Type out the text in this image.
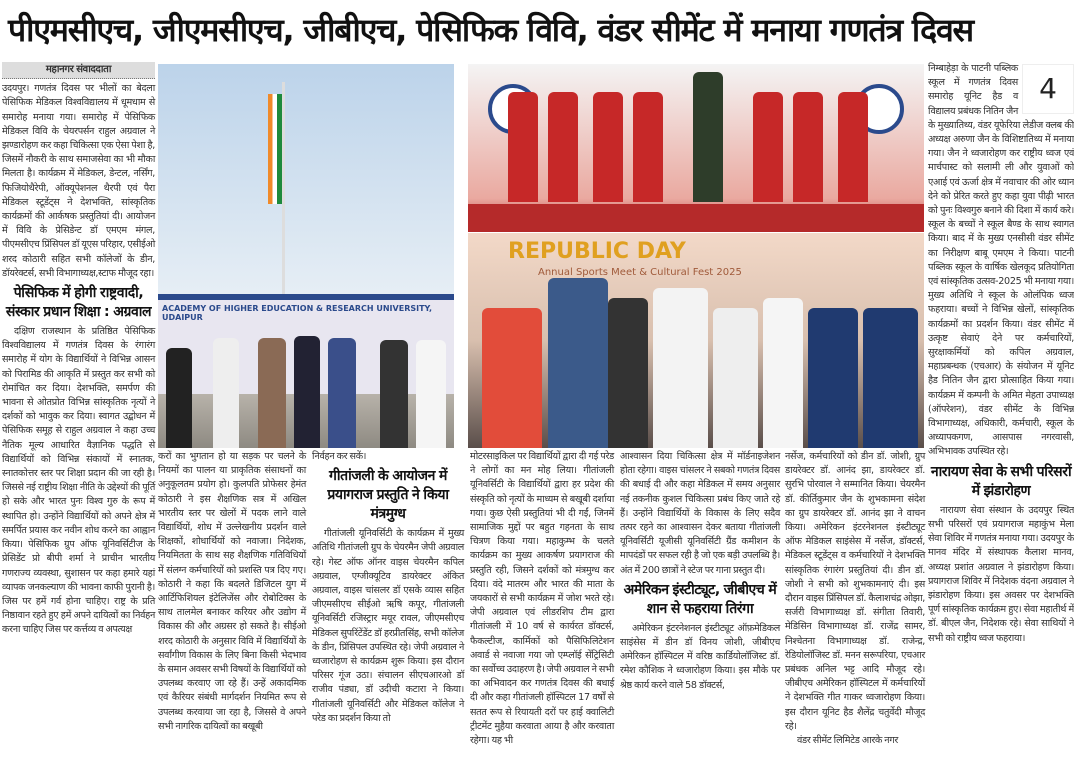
पीएमसीएच, जीएमसीएच, जीबीएच, पेसिफिक विवि, वंडर सीमेंट में मनाया गणतंत्र दिवस
महानगर संवाददाता

उदयपुर। गणतंत्र दिवस पर भीलों का बेदला पेसिफिक मेडिकल विश्वविद्यालय में धूमधाम से समारोह मनाया गया। समारोह में पेसिफिक मेडिकल विवि के चेयरपर्सन राहुल अग्रवाल ने झण्डारोहण कर कहा चिकित्सा एक ऐसा पेशा है, जिसमें नौकरी के साथ समाजसेवा का भी मौका मिलता है। कार्यक्रम में मेडिकल, डेन्टल, नर्सिंग, फिजियोथैरेपी, ऑक्यूपेशनल थैरपी एवं पैरा मेडिकल स्टूडेंट्स ने देशभक्ति, सांस्कृतिक कार्यक्रमों की आर्कषक प्रस्तुतियां दी। आयोजन में विवि के प्रेसिडेन्ट डॉ एमएम मंगल, पीएमसीएच प्रिंसिपल डॉ यूएस परिहार, एसीईओ शरद कोठारी सहित सभी कॉलेजों के डीन, डॉयरेक्टर्स, सभी विभागाध्यक्ष,स्टाफ मौजूद रहा।

पेसिफिक में होगी राष्ट्रवादी, संस्कार प्रधान शिक्षा : अग्रवाल

दक्षिण राजस्थान के प्रतिष्ठित पेसिफिक विश्वविद्यालय में गणतंत्र दिवस के रंगारंग समारोह में योग के विद्यार्थियों ने विभिन्न आसन को पिरामिड की आकृति में प्रस्तुत कर सभी को रोमांचित कर दिया। देशभक्ति, समर्पण की भावना से ओतप्रोत विभिन्न सांस्कृतिक नृत्यों ने दर्शकों को भावुक कर दिया। स्वागत उद्बोधन में पेसिफिक समूह से राहुल अग्रवाल ने कहा उच्च नैतिक मूल्य आधारित वैज्ञानिक पद्धति से विद्यार्थियों को विभिन्न संकायों में स्नातक, स्नातकोत्तर स्तर पर शिक्षा प्रदान की जा रही है। जिससे नई राष्ट्रीय शिक्षा नीति के उद्देश्यों की पूर्ति हो सके और भारत पुनः विश्व गुरु के रूप में स्थापित हो। उन्होंने विद्यार्थियों को अपने क्षेत्र में समर्पित प्रयास कर नवीन शोध करने का आह्वान किया। पेसिफिक ग्रुप ऑफ यूनिवर्सिटीज के प्रेसिडेंट प्रो बीपी शर्मा ने प्राचीन भारतीय गणराज्य व्यवस्था, सुशासन पर कहा हमारे यहां व्यापक जनकल्याण की भावना काफी पुरानी है। जिस पर हमें गर्व होना चाहिए। राष्ट्र के प्रति निष्ठावान रहते हुए हमें अपने दायित्वों का निर्वहन करना चाहिए जिस पर कर्त्तव्य व अपत्यक्ष

ACADEMY OF HIGHER EDUCATION & RESEARCH UNIVERSITY, UDAIPUR
REPUBLIC DAY
Annual Sports Meet & Cultural Fest 2025

करों का भुगतान हो या सड़क पर चलने के नियमों का पालन या प्राकृतिक संसाधनों का अनुकूलतम प्रयोग हो। कुलपति प्रोफेसर हेमंत कोठारी ने इस शैक्षणिक सत्र में अखिल भारतीय स्तर पर खेलों में पदक लाने वाले विद्यार्थियों, शोध में उल्लेखनीय प्रदर्शन वाले शिक्षकों, शोधार्थियों को नवाजा। निदेशक, नियमितता के साथ सह शैक्षणिक गतिविधियों में संलग्न कर्मचारियों को प्रशस्ति पत्र दिए गए। कोठारी ने कहा कि बदलते डिजिटल युग में आर्टिफिशियल इंटेलिजेंस और रोबोटिक्स के साथ तालमेल बनाकर करियर और उद्योग में विकास की और अग्रसर हो सकते है। सीईओ शरद कोठारी के अनुसार विवि में विद्यार्थियों के सर्वांगीण विकास के लिए बिना किसी भेदभाव के समान अवसर सभी विषयों के विद्यार्थियों को उपलब्ध करवाए जा रहे हैं। उन्हें अकादमिक एवं कैरियर संबंधी मार्गदर्शन नियमित रूप से उपलब्ध करवाया जा रहा है, जिससे वे अपने सभी नागरिक दायित्वों का बखूबी

निर्वहन कर सकें।

गीतांजली के आयोजन में प्रयागराज प्रस्तुति ने किया मंत्रमुग्ध

गीतांजली यूनिवर्सिटी के कार्यक्रम में मुख्य अतिथि गीतांजली ग्रुप के चेयरमैन जेपी अग्रवाल रहे। गेस्ट ऑफ ऑनर वाइस चेयरमैन कपिल अग्रवाल, एग्जीक्यूटिव डायरेक्टर अंकित अग्रवाल, वाइस चांसलर डॉ एसके व्यास सहित जीएमसीएच सीईओ ऋषि कपूर, गीतांजली यूनिवर्सिटी रजिस्ट्रार मयूर रावल, जीएमसीएच मेडिकल सुपरिंटेंडेंट डॉ हरप्रीतसिंह, सभी कॉलेज के डीन, प्रिंसिपल उपस्थित रहे। जेपी अग्रवाल ने ध्वजारोहण से कार्यक्रम शुरू किया। इस दौरान परिसर गूंज उठा। संचालन सीएचआरओ डॉ राजीव पंड्या, डॉ उदीची कटारा ने किया। गीतांजली यूनिवर्सिटी और मेडिकल कॉलेज ने परेड का प्रदर्शन किया तो

मोटरसाइकिल पर विद्यार्थियों द्वारा दी गई परेड ने लोगों का मन मोह लिया। गीतांजली यूनिवर्सिटी के विद्यार्थियों द्वारा हर प्रदेश की संस्कृति को नृत्यों के माध्यम से बखूबी दर्शाया गया। कुछ ऐसी प्रस्तुतियां भी दी गईं, जिनमें सामाजिक मुद्दों पर बहुत गहनता के साथ चित्रण किया गया। महाकुम्भ के चलते कार्यक्रम का मुख्य आकर्षण प्रयागराज की प्रस्तुति रही, जिसने दर्शकों को मंत्रमुग्ध कर दिया। वंदे मातरम और भारत की माता के जयकारों से सभी कार्यक्रम में जोश भरते रहे। जेपी अग्रवाल एवं लीडरशिप टीम द्वारा गीतांजली में 10 वर्ष से कार्यरत डॉक्टर्स, फैकल्टीज, कार्मिकों को पैसिफिलिटेशन अवार्ड से नवाजा गया जो एम्प्लॉई सेंट्रिसिटी का सर्वोच्च उदाहरण है। जेपी अग्रवाल ने सभी का अभिवादन कर गणतंत्र दिवस की बधाई दी और कहा गीतांजली हॉस्पिटल 17 वर्षों से सतत रूप से रियायती दरों पर हाई क्वालिटी ट्रीटमेंट मुहैया करवाता आया है और करवाता रहेगा। यह भी

आश्वासन दिया चिकित्सा क्षेत्र में मॉर्डनाइजेशन होता रहेगा। वाइस चांसलर ने सबको गणतंत्र दिवस की बधाई दी और कहा मेडिकल में समय अनुसार नई तकनीक कुशल चिकित्सा प्रबंध किए जाते रहे हैं। उन्होंने विद्यार्थियों के विकास के लिए सदैव तत्पर रहने का आश्वासन देकर बताया गीतांजली यूनिवर्सिटी यूजीसी यूनिवर्सिटी ग्रैंड कमीशन के मापदंडों पर सफल रही है जो एक बड़ी उपलब्धि है। अंत में 200 छात्रों ने स्टेज पर गाना प्रस्तुत दी।

अमेरिकन इंस्टीट्यूट, जीबीएच में शान से फहराया तिरंगा

अमेरिकन इंटरनेशनल इंस्टीट्यूट ऑफ़मेडिकल साइंसेस में डीन डॉ विनय जोशी, जीबीएच अमेरिकन हॉस्पिटल में वरिष्ठ कार्डियोलॉजिस्ट डॉ. रमेश कौशिक ने ध्वजारोहण किया। इस मौके पर श्रेष्ठ कार्य करने वाले 58 डॉक्टर्स,

नर्सेज, कर्मचारियों को डीन डॉ. जोशी, ग्रुप डायरेक्टर डॉ. आनंद झा, डायरेक्टर डॉ. सुरभि पोरवाल ने सम्मानित किया। चेयरमैन डॉ. कीर्तिकुमार जैन के शुभकामना संदेश का ग्रुप डायरेक्टर डॉ. आनंद झा ने वाचन किया। अमेरिकन इंटरनेशनल इंस्टीट्यूट ऑफ मेडिकल साइंसेस में नर्सेज, डॉक्टर्स, मेडिकल स्टूडेंट्स व कर्मचारियों ने देशभक्ति सांस्कृतिक रंगारंग प्रस्तुतियां दी। डीन डॉ. जोशी ने सभी को शुभकामनाएं दी। इस दौरान वाइस प्रिंसिपल डॉ. कैलाशचंद्र ओझा, सर्जरी विभागाध्यक्ष डॉ. संगीता तिवारी, मेडिसिन विभागाध्यक्ष डॉ. राजेंद्र सामर, निश्चेतना विभागाध्यक्ष डॉ. राजेन्द्र, रेडियोलॉजिस्ट डॉ. मनन सरूपरिया, एचआर प्रबंधक अनिल भट्ट आदि मौजूद रहे। जीबीएच अमेरिकन हॉस्पिटल में कर्मचारियों ने देशभक्ति गीत गाकर ध्वजारोहण किया। इस दौरान यूनिट हैड शैलेंद्र चतुर्वेदी मौजूद रहे।

वंडर सीमेंट लिमिटेड आरके नगर

4

निम्बाहेड़ा के पाटनी पब्लिक स्कूल में गणतंत्र दिवस समारोह यूनिट हैड व विद्यालय प्रबंधक नितिन जैन के मुख्यातिथ्य, वंडर यूफेरिया लेडीज क्लब की अध्यक्ष अरुणा जैन के विशिष्टातिथ्य में मनाया गया। जैन ने ध्वजारोहण कर राष्ट्रीय ध्वज एवं मार्चपास्ट को सलामी ली और युवाओं को एआई एवं ऊर्जा क्षेत्र में नवाचार की ओर ध्यान देने को प्रेरित करते हुए कहा युवा पीढ़ी भारत को पुनः विश्वगुरु बनाने की दिशा में कार्य करे। स्कूल के बच्चों ने स्कूल बैण्ड के साथ स्वागत किया। बाद में के मुख्य एनसीसी वंडर सीमेंट का निरीक्षण बाबू एमएम ने किया। पाटनी पब्लिक स्कूल के वार्षिक खेलकूद प्रतियोगिता एवं सांस्कृतिक उत्सव-2025 भी मनाया गया। मुख्य अतिथि ने स्कूल के ओलंपिक ध्वज फहराया। बच्चों ने विभिन्न खेलों, सांस्कृतिक कार्यक्रमों का प्रदर्शन किया। वंडर सीमेंट में उत्कृष्ट सेवाएं देने पर कर्मचारियों, सुरक्षाकर्मियों को कपिल अग्रवाल, महाप्रबन्धक (एचआर) के संयोजन में यूनिट हैड नितिन जैन द्वारा प्रोत्साहित किया गया। कार्यक्रम में कम्पनी के अमित मेहता उपाध्यक्ष (ऑपरेशन), वंडर सीमेंट के विभिन्न विभागाध्यक्ष, अधिकारी, कर्मचारी, स्कूल के अध्यापकगण, आसपास नगरवासी, अभिभावक उपस्थित रहे।

नारायण सेवा के सभी परिसरों में झंडारोहण

नारायण सेवा संस्थान के उदयपुर स्थित सभी परिसरों एवं प्रयागराज महाकुंभ मेला सेवा शिविर में गणतंत्र मनाया गया। उदयपुर के मानव मंदिर में संस्थापक कैलाश मानव, अध्यक्ष प्रशांत अग्रवाल ने झंडारोहण किया। प्रयागराज शिविर में निदेशक वंदना अग्रवाल ने झंडारोहण किया। इस अवसर पर देशभक्ति पूर्ण सांस्कृतिक कार्यक्रम हुए। सेवा महातीर्थ में डॉ. बीएल जैन, निदेशक रहे। सेवा साथियों ने सभी को राष्ट्रीय ध्वज फहराया।
